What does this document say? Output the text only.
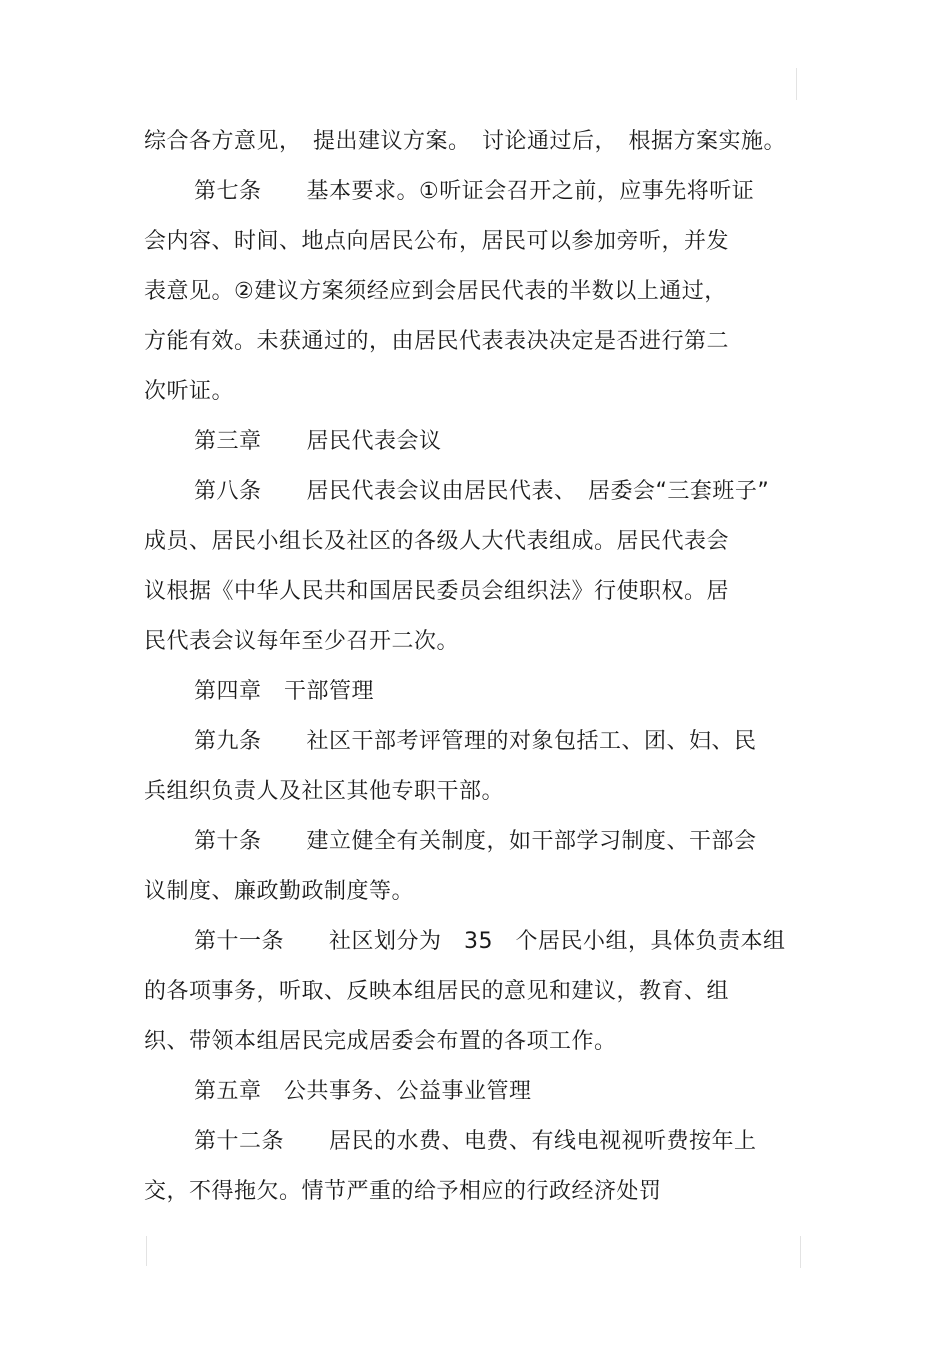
综合各方意见，　提出建议方案。　讨论通过后，　根据方案实施。
第七条　　基本要求。①听证会召开之前，应事先将听证
会内容、时间、地点向居民公布，居民可以参加旁听，并发
表意见。②建议方案须经应到会居民代表的半数以上通过，
方能有效。未获通过的，由居民代表表决决定是否进行第二
次听证。
第三章　　居民代表会议
第八条　　居民代表会议由居民代表、　居委会“三套班子”
成员、居民小组长及社区的各级人大代表组成。居民代表会
议根据《中华人民共和国居民委员会组织法》行使职权。居
民代表会议每年至少召开二次。
第四章　干部管理
第九条　　社区干部考评管理的对象包括工、团、妇、民
兵组织负责人及社区其他专职干部。
第十条　　建立健全有关制度，如干部学习制度、干部会
议制度、廉政勤政制度等。
第十一条　　社区划分为　35　个居民小组，具体负责本组
的各项事务，听取、反映本组居民的意见和建议，教育、组
织、带领本组居民完成居委会布置的各项工作。
第五章　公共事务、公益事业管理
第十二条　　居民的水费、电费、有线电视视听费按年上
交，不得拖欠。情节严重的给予相应的行政经济处罚
